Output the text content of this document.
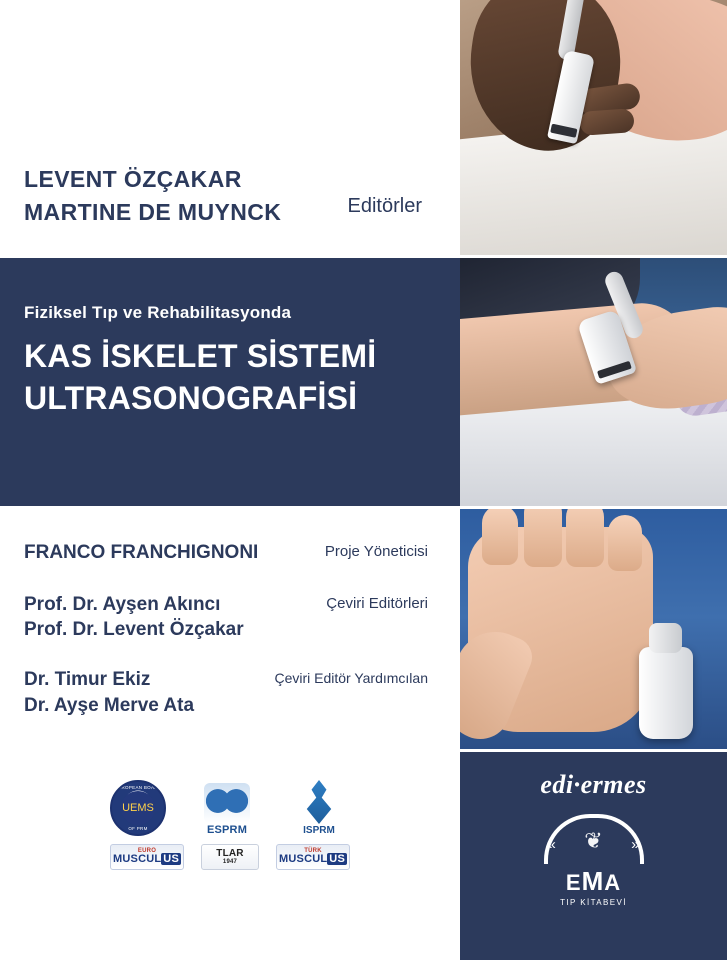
LEVENT ÖZÇAKAR
MARTINE DE MUYNCK	Editörler
Fiziksel Tıp ve Rehabilitasyonda
KAS İSKELET SİSTEMİ
ULTRASONOGRAFİSİ
FRANCO FRANCHIGNONI	Proje Yöneticisi
Prof. Dr. Ayşen Akıncı
Prof. Dr. Levent Özçakar
Çeviri Editörleri
Dr. Timur Ekiz
Dr. Ayşe Merve Ata
Çeviri Editör Yardımcılan
EUROPEAN BOARD
UEMS
OF PRM	ESPRM	ISPRM
EURO
MUSCUL US
TLAR
1947
TÜRK
MUSCUL US
edi·ermes
❦
«	»
EMA
TIP KİTABEVİ
